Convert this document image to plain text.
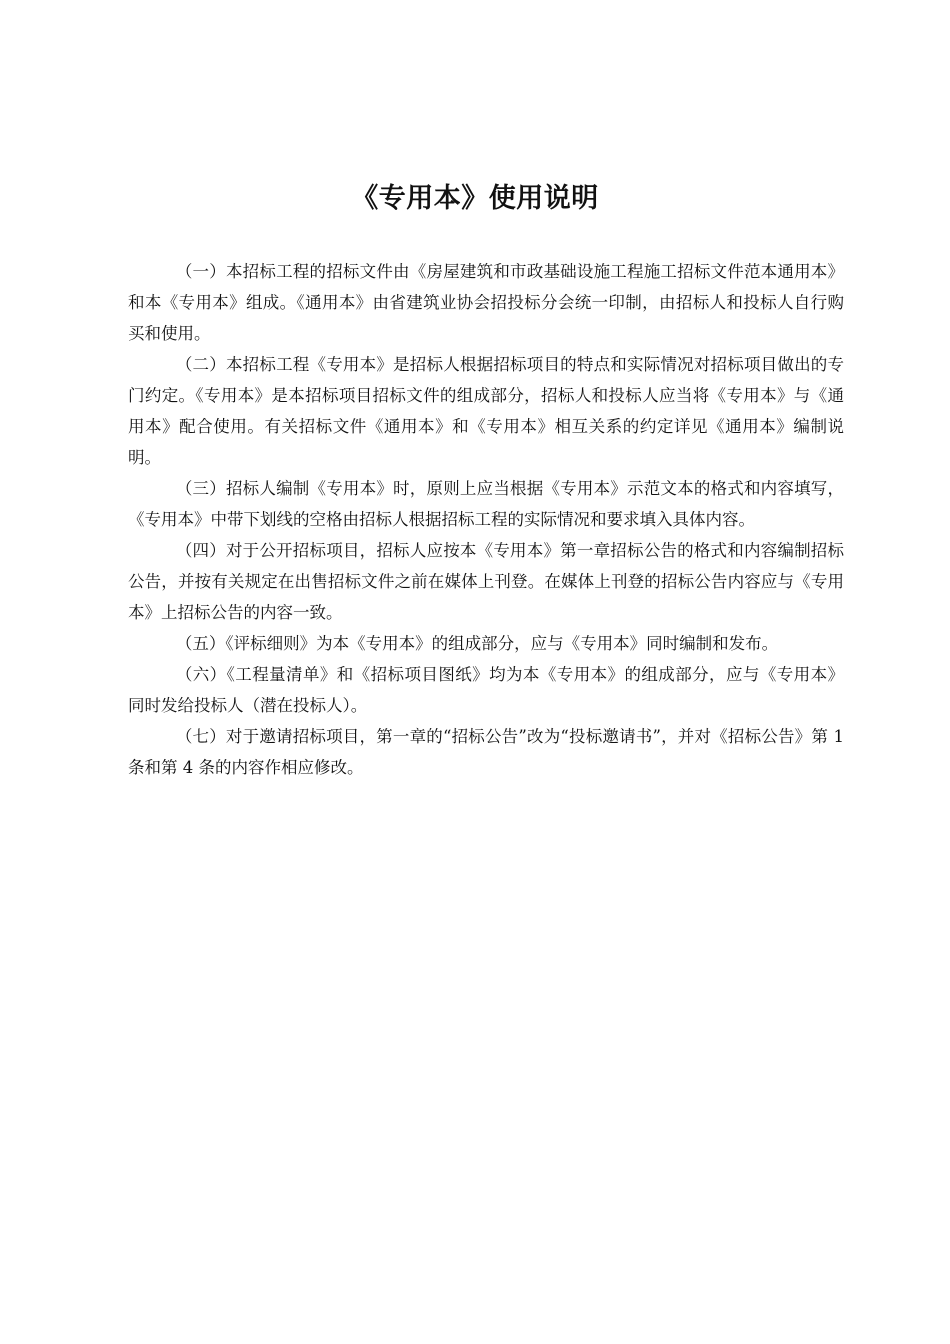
《专用本》使用说明

（一）本招标工程的招标文件由《房屋建筑和市政基础设施工程施工招标文件范本通用本》和本《专用本》组成。《通用本》由省建筑业协会招投标分会统一印制，由招标人和投标人自行购买和使用。

（二）本招标工程《专用本》是招标人根据招标项目的特点和实际情况对招标项目做出的专门约定。《专用本》是本招标项目招标文件的组成部分，招标人和投标人应当将《专用本》与《通用本》配合使用。有关招标文件《通用本》和《专用本》相互关系的约定详见《通用本》编制说明。

（三）招标人编制《专用本》时，原则上应当根据《专用本》示范文本的格式和内容填写，《专用本》中带下划线的空格由招标人根据招标工程的实际情况和要求填入具体内容。

（四）对于公开招标项目，招标人应按本《专用本》第一章招标公告的格式和内容编制招标公告，并按有关规定在出售招标文件之前在媒体上刊登。在媒体上刊登的招标公告内容应与《专用本》上招标公告的内容一致。

（五）《评标细则》为本《专用本》的组成部分，应与《专用本》同时编制和发布。

（六）《工程量清单》和《招标项目图纸》均为本《专用本》的组成部分，应与《专用本》同时发给投标人（潜在投标人）。

（七）对于邀请招标项目，第一章的“招标公告”改为“投标邀请书”，并对《招标公告》第 1 条和第 4 条的内容作相应修改。
